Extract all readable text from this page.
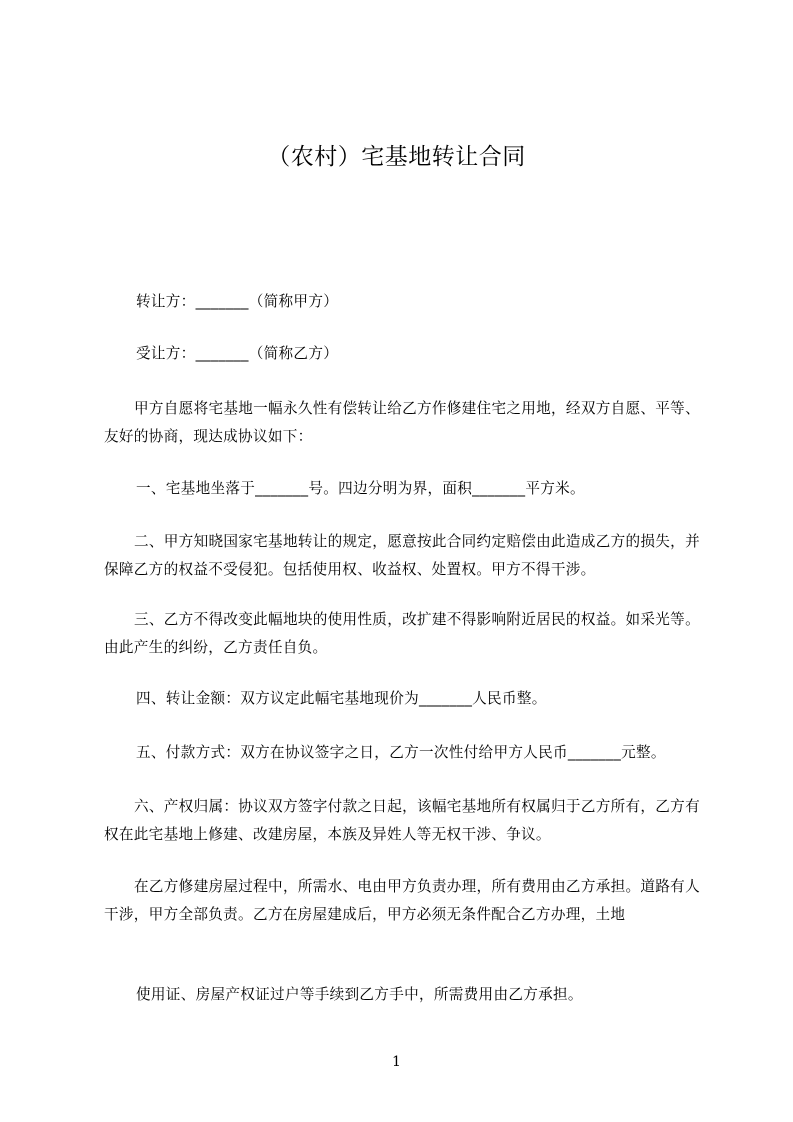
（农村）宅基地转让合同
转让方：_______（简称甲方）
受让方：_______（简称乙方）
甲方自愿将宅基地一幅永久性有偿转让给乙方作修建住宅之用地，经双方自愿、平等、友好的协商，现达成协议如下：
一、宅基地坐落于_______号。四边分明为界，面积_______平方米。
二、甲方知晓国家宅基地转让的规定，愿意按此合同约定赔偿由此造成乙方的损失，并保障乙方的权益不受侵犯。包括使用权、收益权、处置权。甲方不得干涉。
三、乙方不得改变此幅地块的使用性质，改扩建不得影响附近居民的权益。如采光等。由此产生的纠纷，乙方责任自负。
四、转让金额：双方议定此幅宅基地现价为_______人民币整。
五、付款方式：双方在协议签字之日，乙方一次性付给甲方人民币_______元整。
六、产权归属：协议双方签字付款之日起，该幅宅基地所有权属归于乙方所有，乙方有权在此宅基地上修建、改建房屋，本族及异姓人等无权干涉、争议。
在乙方修建房屋过程中，所需水、电由甲方负责办理，所有费用由乙方承担。道路有人干涉，甲方全部负责。乙方在房屋建成后，甲方必须无条件配合乙方办理，土地
使用证、房屋产权证过户等手续到乙方手中，所需费用由乙方承担。
1
